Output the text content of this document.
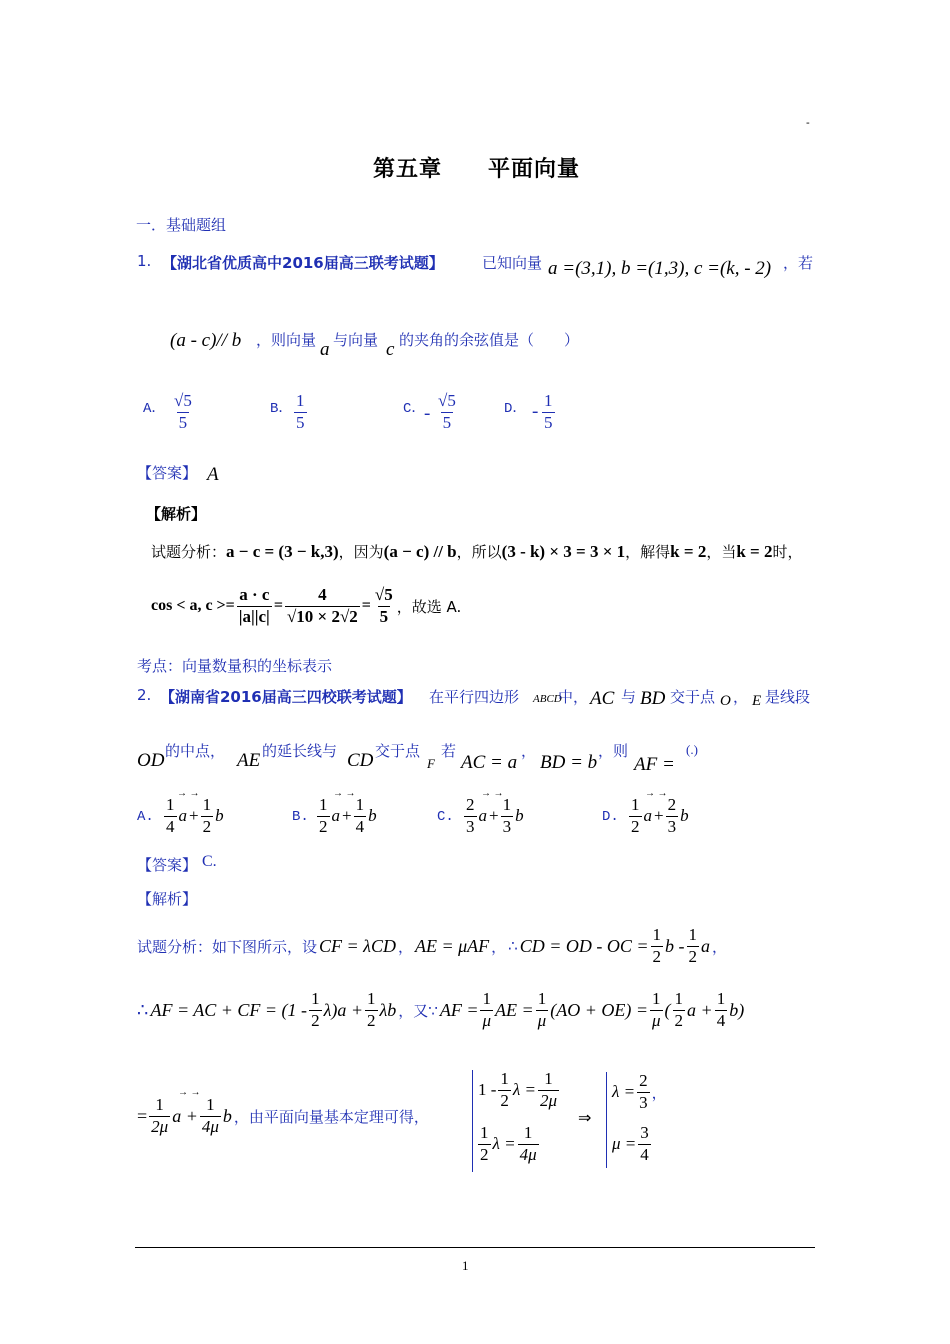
-
第五章　　平面向量
一．基础题组
1. 【湖北省优质高中2016届高三联考试题】	已知向量 a =(3,1), b =(1,3), c =(k, - 2) ，若
(a - c)// b ，则向量 a 与向量 c 的夹角的余弦值是（　　）
A． $\frac{√5}{5}$	B． $\frac{1}{5}$	C．
- $\frac{√5}{5}$	D． - $\frac{1}{5}$
【答案】 A
【解析】
试题分析：a − c = (3 − k,3)，因为(a − c) // b，所以(3 - k) × 3 = 3 × 1，解得k = 2，当k = 2时，
cos < a, $c >= \frac{a \cdot c}{|a||c|} = \frac{4}{√10 \times 2√2} = \frac{√5}{5}$ ，故选 A.
考点：向量数量积的坐标表示
2. 【湖南省2016届高三四校联考试题】 在平行四边形 ABCD
中， AC 与 BD 交于点 O ， E 是线段
OD 的中点， AE 的延长线与 CD 交于点
F
若
AC = a
，
BD = b
，则
AF =
(.)
A. $\frac{1}{4}$ $a + \frac{1}{2}$ b
→ →
B. $\frac{1}{2}$ $a + \frac{1}{4}$ b
→ →
C. $\frac{2}{3}$ $a + \frac{1}{3}$ b
→ →
D. $\frac{1}{2}$ $a + \frac{2}{3}$ b
→ →
【答案】 C.
【解析】
试题分析：如下图所示，设 CF = λCD ， AE = μAF ， ∴ CD = OD - OC = $\frac{1}{2}$ b - $\frac{1}{2}$ a ，
∴ AF = AC + CF = $(1 - \frac{1}{2} \lambda)a + \frac{1}{2}$ λb ，又∵ AF = $\frac{1}{\mu}$ AE = $\frac{1}{\mu} (AO + OE) = \frac{1}{\mu}$ ( $\frac{1}{2}$ $a + \frac{1}{4} b$)
= $\frac{1}{2\mu}$ $a + \frac{1}{4\mu}$ b ，由平面向量基本定理可得，
→ →	$1 - \frac{1}{2}$ $\lambda = \frac{1}{2\mu}$
$\frac{1}{2}$ $\lambda = \frac{1}{4\mu}$
⇒
$\lambda = \frac{2}{3}$ ，
$\mu = \frac{3}{4}$
1
